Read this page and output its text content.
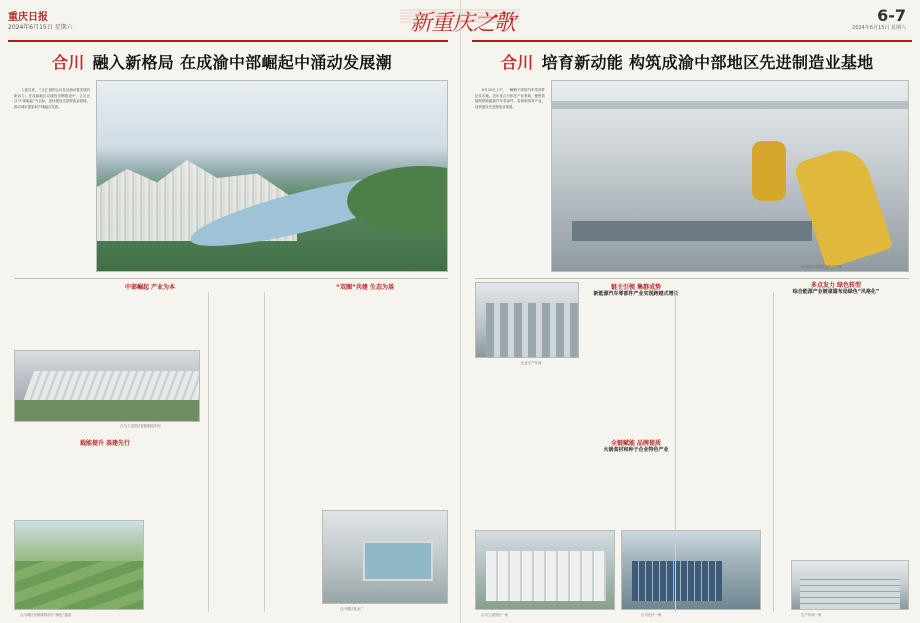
重庆日报
2024年6月15日 星期六	新重庆之歌	6-7
2024年6月15日 星期六
合川 融入新格局 在成渝中部崛起中涌动发展潮

入夏以来，三江汇流的合川处处涌动着发展的新活力。在成渝地区双城经济圈建设中，合川正以“中部崛起”为目标，加快建设先进制造业基地，推动城市提质和产城融合发展。

合川城区全景
中部崛起 产业为本	“双圈”共建 生态为基
合川工业园区智能制造车间
载能提升 基建先行
合川城区至铜梁的部分“绿色”通道
合川城区某水厂
合川 培育新动能 构筑成渝中部地区先进制造业基地

6月15日上午，一辆辆下线的汽车零部件运往各地。近年来合川依托产业基础，聚焦智能网联新能源汽车零部件、装备制造等产业，加快建设先进制造业基地。

合川汽车零部件智能生产线
链主引领 集群成势
新能源汽车零部件产业实现跨越式增长
多点发力 绿色转型
综合能源产业链谋篇布局绿色“风格化”
企业生产车间
全链赋能 品牌提质
火锅食材和种子企业特色产业
合川工业园区一角	合川光伏一角	生产车间一角
